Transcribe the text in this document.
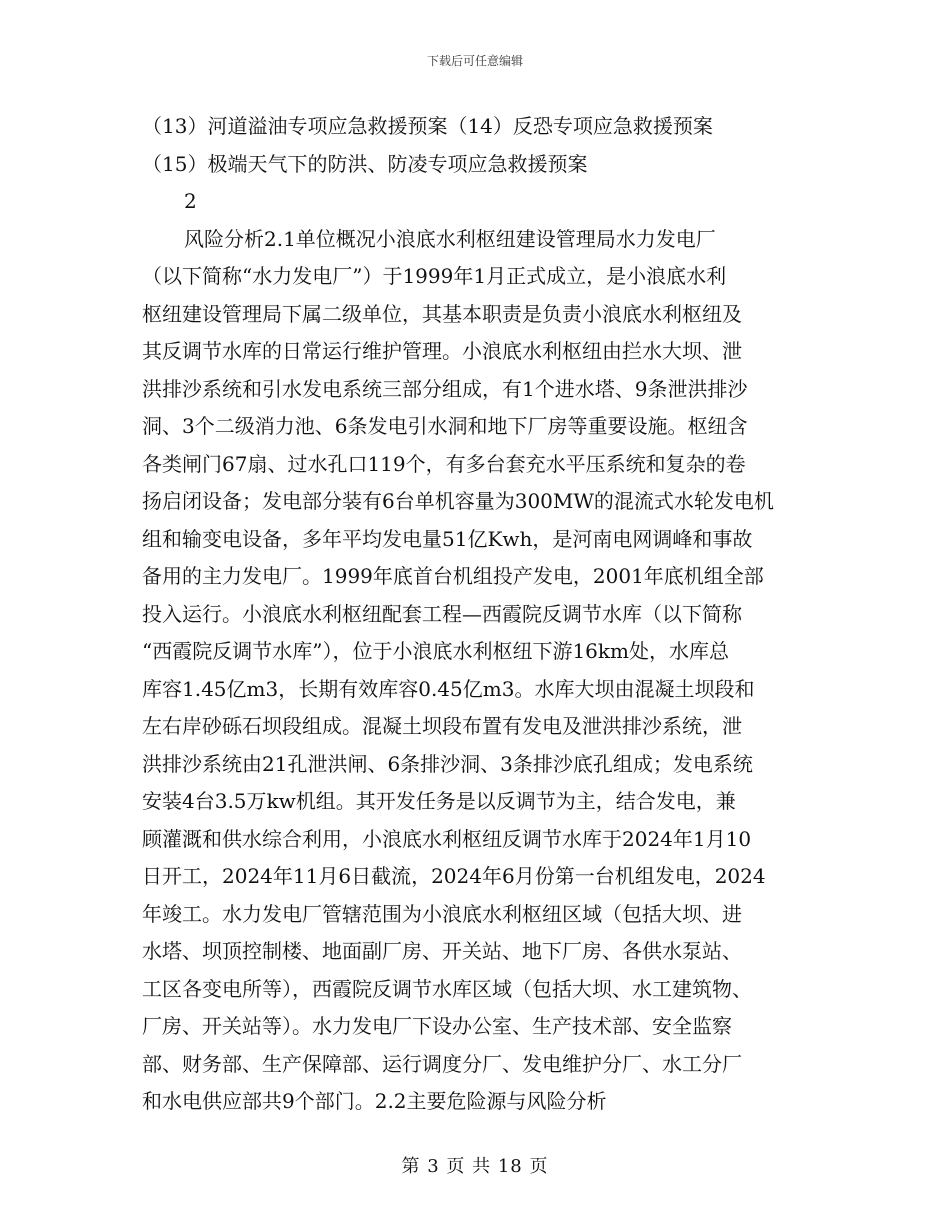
下载后可任意编辑

（13）河道溢油专项应急救援预案（14）反恐专项应急救援预案

（15）极端天气下的防洪、防凌专项应急救援预案

2

风险分析2.1单位概况小浪底水利枢纽建设管理局水力发电厂

（以下简称“水力发电厂”）于1999年1月正式成立，是小浪底水利

枢纽建设管理局下属二级单位，其基本职责是负责小浪底水利枢纽及

其反调节水库的日常运行维护管理。小浪底水利枢纽由拦水大坝、泄

洪排沙系统和引水发电系统三部分组成，有1个进水塔、9条泄洪排沙

洞、3个二级消力池、6条发电引水洞和地下厂房等重要设施。枢纽含

各类闸门67扇、过水孔口119个，有多台套充水平压系统和复杂的卷

扬启闭设备；发电部分装有6台单机容量为300MW的混流式水轮发电机

组和输变电设备，多年平均发电量51亿Kwh，是河南电网调峰和事故

备用的主力发电厂。1999年底首台机组投产发电，2001年底机组全部

投入运行。小浪底水利枢纽配套工程—西霞院反调节水库（以下简称

“西霞院反调节水库”），位于小浪底水利枢纽下游16km处，水库总

库容1.45亿m3，长期有效库容0.45亿m3。水库大坝由混凝土坝段和

左右岸砂砾石坝段组成。混凝土坝段布置有发电及泄洪排沙系统，泄

洪排沙系统由21孔泄洪闸、6条排沙洞、3条排沙底孔组成；发电系统

安装4台3.5万kw机组。其开发任务是以反调节为主，结合发电，兼

顾灌溉和供水综合利用，小浪底水利枢纽反调节水库于2024年1月10

日开工，2024年11月6日截流，2024年6月份第一台机组发电，2024

年竣工。水力发电厂管辖范围为小浪底水利枢纽区域（包括大坝、进

水塔、坝顶控制楼、地面副厂房、开关站、地下厂房、各供水泵站、

工区各变电所等），西霞院反调节水库区域（包括大坝、水工建筑物、

厂房、开关站等）。水力发电厂下设办公室、生产技术部、安全监察

部、财务部、生产保障部、运行调度分厂、发电维护分厂、水工分厂

和水电供应部共9个部门。2.2主要危险源与风险分析

第 3 页 共 18 页
